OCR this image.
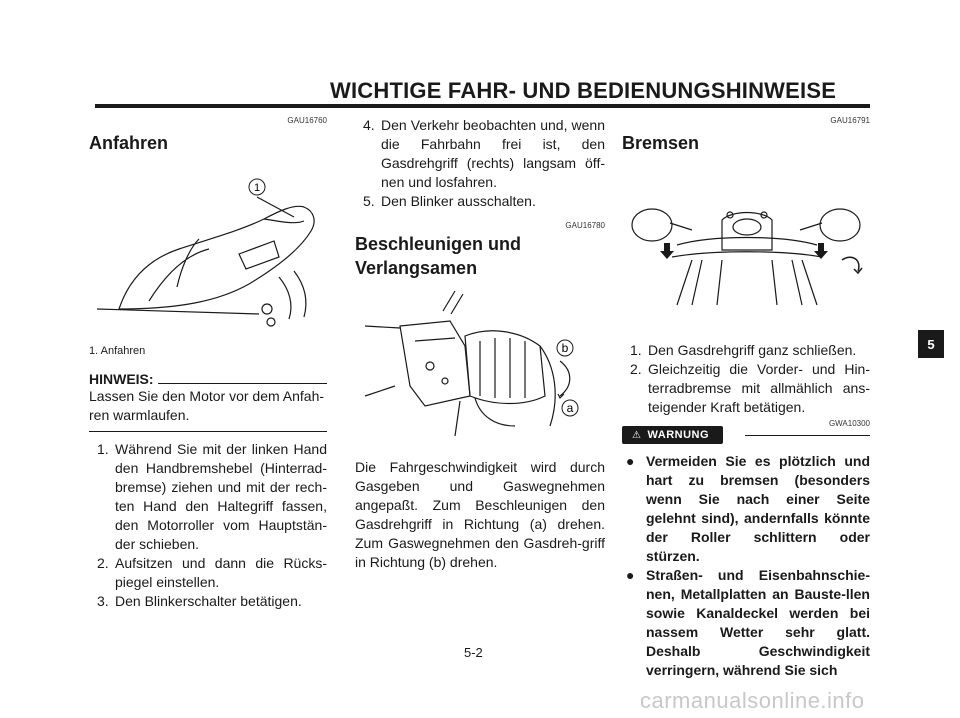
WICHTIGE FAHR- UND BEDIENUNGSHINWEISE
5
GAU16760
Anfahren
1
1. Anfahren
HINWEIS:
Lassen Sie den Motor vor dem Anfah-ren warmlaufen.
1. Während Sie mit der linken Hand den Handbremshebel (Hinterrad-bremse) ziehen und mit der rech-ten Hand den Haltegriff fassen, den Motorroller vom Hauptstän-der schieben.
2. Aufsitzen und dann die Rücks-piegel einstellen.
3. Den Blinkerschalter betätigen.
4. Den Verkehr beobachten und, wenn die Fahrbahn frei ist, den Gasdrehgriff (rechts) langsam öff-nen und losfahren.
5. Den Blinker ausschalten.
GAU16780
Beschleunigen und
Verlangsamen
b
a
Die Fahrgeschwindigkeit wird durch Gasgeben und Gaswegnehmen angepaßt. Zum Beschleunigen den Gasdrehgriff in Richtung (a) drehen. Zum Gaswegnehmen den Gasdreh-griff in Richtung (b) drehen.
GAU16791
Bremsen
1. Den Gasdrehgriff ganz schließen.
2. Gleichzeitig die Vorder- und Hin-terradbremse mit allmählich ans-teigender Kraft betätigen.
GWA10300
⚠ WARNUNG
● Vermeiden Sie es plötzlich und hart zu bremsen (besonders wenn Sie nach einer Seite gelehnt sind), andernfalls könnte der Roller schlittern oder stürzen.
● Straßen- und Eisenbahnschie-nen, Metallplatten an Bauste-llen sowie Kanaldeckel werden bei nassem Wetter sehr glatt. Deshalb Geschwindigkeit verringern, während Sie sich
5-2
carmanualsonline.info
